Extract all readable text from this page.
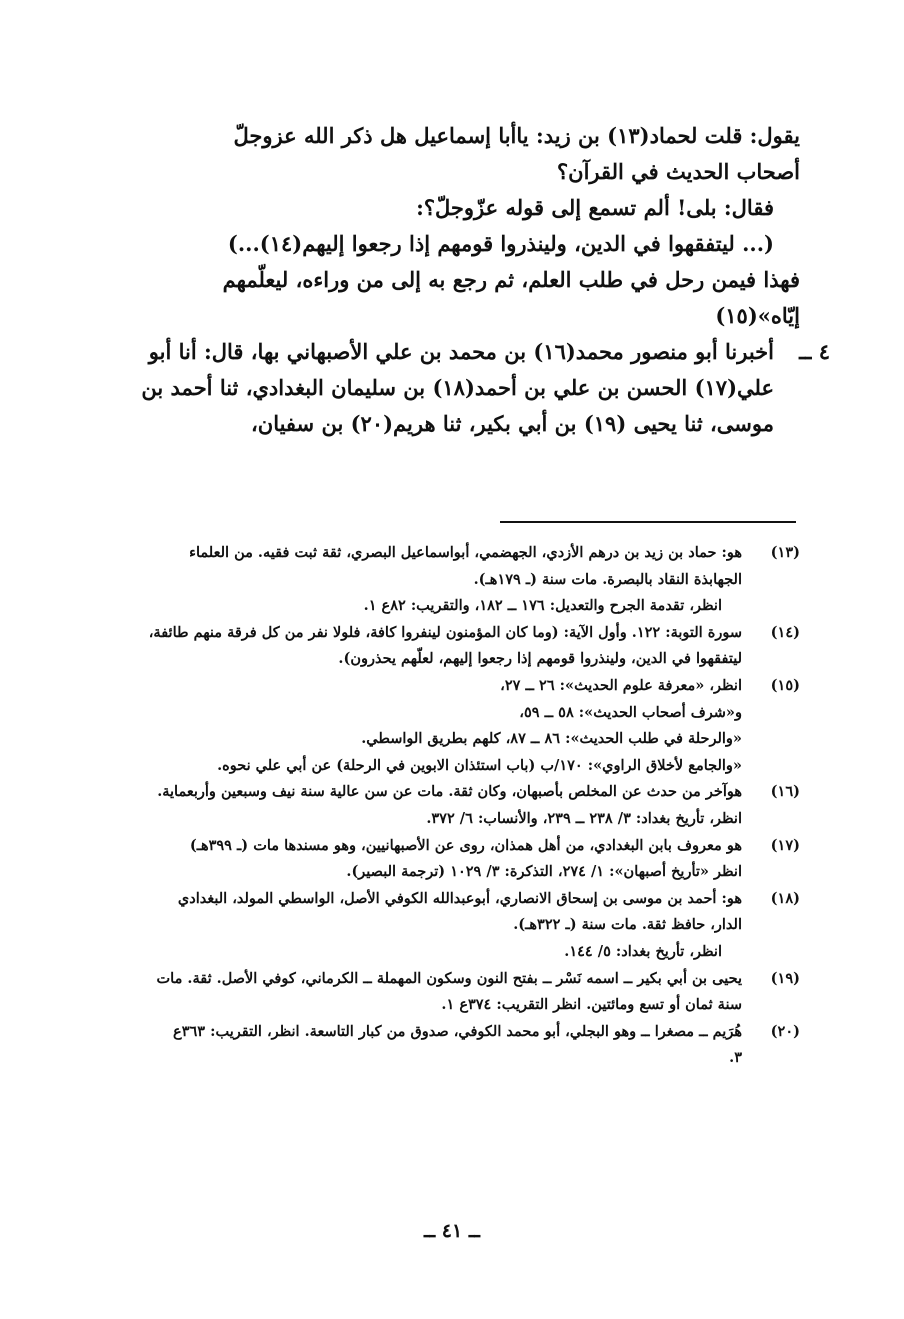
يقول: قلت لحماد(١٣) بن زيد: ياأبا إسماعيل هل ذكر الله عزوجلّ
أصحاب الحديث في القرآن؟

فقال: بلى! ألم تسمع إلى قوله عزّوجلّ؟:

(... ليتفقهوا في الدين، ولينذروا قومهم إذا رجعوا إليهم(١٤)...)

فهذا فيمن رحل في طلب العلم، ثم رجع به إلى من وراءه، ليعلّمهم
إيّاه»(١٥)

٤ ــ
أخبرنا أبو منصور محمد(١٦) بن محمد بن علي الأصبهاني بها، قال: أنا أبو
علي(١٧) الحسن بن علي بن أحمد(١٨) بن سليمان البغدادي، ثنا أحمد بن
موسى، ثنا يحيى (١٩) بن أبي بكير، ثنا هريم(٢٠) بن سفيان،
(١٣)
هو: حماد بن زيد بن درهم الأزدي، الجهضمي، أبواسماعيل البصري، ثقة ثبت فقيه. من العلماء
الجهابذة النقاد بالبصرة. مات سنة (ـ ١٧٩هـ).
انظر، تقدمة الجرح والتعديل: ١٧٦ ــ ١٨٢، والتقريب: ٨٢ع ١.
(١٤)
سورة التوبة: ١٢٢. وأول الآية: (وما كان المؤمنون لينفروا كافة، فلولا نفر من كل فرقة منهم طائفة،
ليتفقهوا في الدين، ولينذروا قومهم إذا رجعوا إليهم، لعلّهم يحذرون).
(١٥)
انظر، «معرفة علوم الحديث»: ٢٦ ــ ٢٧،
و«شرف أصحاب الحديث»: ٥٨ ــ ٥٩،
«والرحلة في طلب الحديث»: ٨٦ ــ ٨٧، كلهم بطريق الواسطي.
«والجامع لأخلاق الراوي»: ١٧٠/ب (باب استئذان الابوين في الرحلة) عن أبي علي نحوه.
(١٦)
هوآخر من حدث عن المخلص بأصبهان، وكان ثقة. مات عن سن عالية سنة نيف وسبعين وأربعماية.
انظر، تأريخ بغداد: ٣/ ٢٣٨ ــ ٢٣٩، والأنساب: ٦/ ٣٧٢.
(١٧)
هو معروف بابن البغدادي، من أهل همذان، روى عن الأصبهانيين، وهو مسندها مات (ـ ٣٩٩هـ)
انظر «تأريخ أصبهان»: ١/ ٢٧٤، التذكرة: ٣/ ١٠٢٩ (ترجمة البصير).
(١٨)
هو: أحمد بن موسى بن إسحاق الانصاري، أبوعبدالله الكوفي الأصل، الواسطي المولد، البغدادي
الدار، حافظ ثقة. مات سنة (ـ ٣٢٢هـ).
انظر، تأريخ بغداد: ٥/ ١٤٤.
(١٩)
يحيى بن أبي بكير ــ اسمه نَسْر ــ بفتح النون وسكون المهملة ــ الكرماني، كوفي الأصل. ثقة. مات
سنة ثمان أو تسع ومائتين. انظر التقريب: ٣٧٤ع ١.
(٢٠)
هُرَيم ــ مصغرا ــ وهو البجلي، أبو محمد الكوفي، صدوق من كبار التاسعة. انظر، التقريب: ٣٦٣ع
٣.
ــ ٤١ ــ
